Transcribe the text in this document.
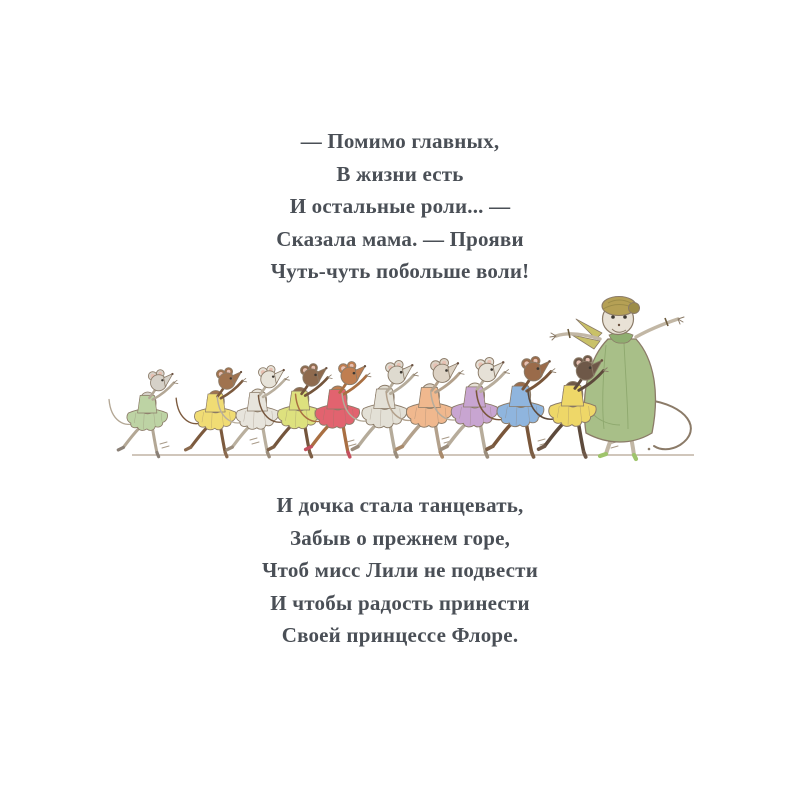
— Помимо главных,
В жизни есть
И остальные роли... —
Сказала мама. — Прояви
Чуть-чуть побольше воли!
И дочка стала танцевать,
Забыв о прежнем горе,
Чтоб мисс Лили не подвести
И чтобы радость принести
Своей принцессе Флоре.
